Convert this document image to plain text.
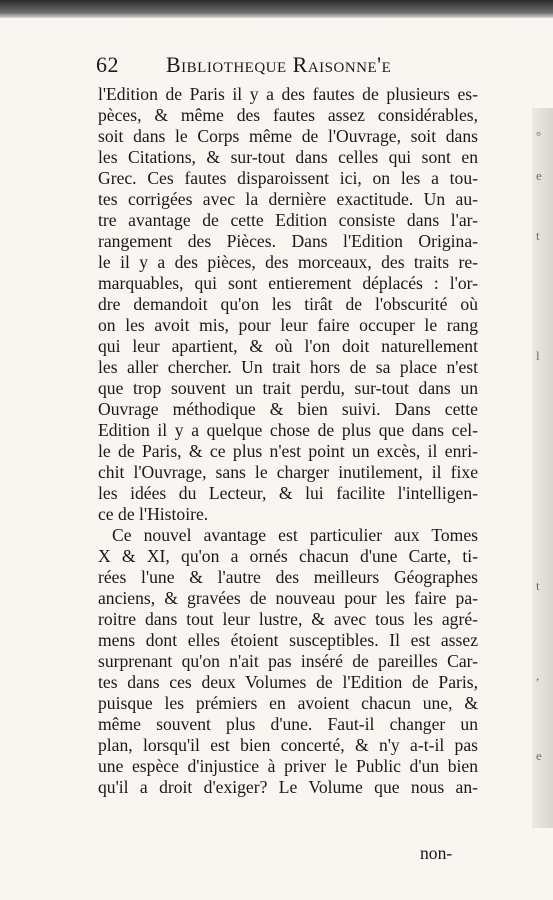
°
e
t
l
t
,
e
62 Bibliotheque Raisonne'e
l'Edition de Paris il y a des fautes de plusieurs es-
pèces, & même des fautes assez considérables,
soit dans le Corps même de l'Ouvrage, soit dans
les Citations, & sur-tout dans celles qui sont en
Grec. Ces fautes disparoissent ici, on les a tou-
tes corrigées avec la dernière exactitude. Un au-
tre avantage de cette Edition consiste dans l'ar-
rangement des Pièces. Dans l'Edition Origina-
le il y a des pièces, des morceaux, des traits re-
marquables, qui sont entierement déplacés : l'or-
dre demandoit qu'on les tirât de l'obscurité où
on les avoit mis, pour leur faire occuper le rang
qui leur apartient, & où l'on doit naturellement
les aller chercher. Un trait hors de sa place n'est
que trop souvent un trait perdu, sur-tout dans un
Ouvrage méthodique & bien suivi. Dans cette
Edition il y a quelque chose de plus que dans cel-
le de Paris, & ce plus n'est point un excès, il enri-
chit l'Ouvrage, sans le charger inutilement, il fixe
les idées du Lecteur, & lui facilite l'intelligen-
ce de l'Histoire.
Ce nouvel avantage est particulier aux Tomes
X & XI, qu'on a ornés chacun d'une Carte, ti-
rées l'une & l'autre des meilleurs Géographes
anciens, & gravées de nouveau pour les faire pa-
roitre dans tout leur lustre, & avec tous les agré-
mens dont elles étoient susceptibles. Il est assez
surprenant qu'on n'ait pas inséré de pareilles Car-
tes dans ces deux Volumes de l'Edition de Paris,
puisque les prémiers en avoient chacun une, &
même souvent plus d'une. Faut-il changer un
plan, lorsqu'il est bien concerté, & n'y a-t-il pas
une espèce d'injustice à priver le Public d'un bien
qu'il a droit d'exiger? Le Volume que nous an-
non-
